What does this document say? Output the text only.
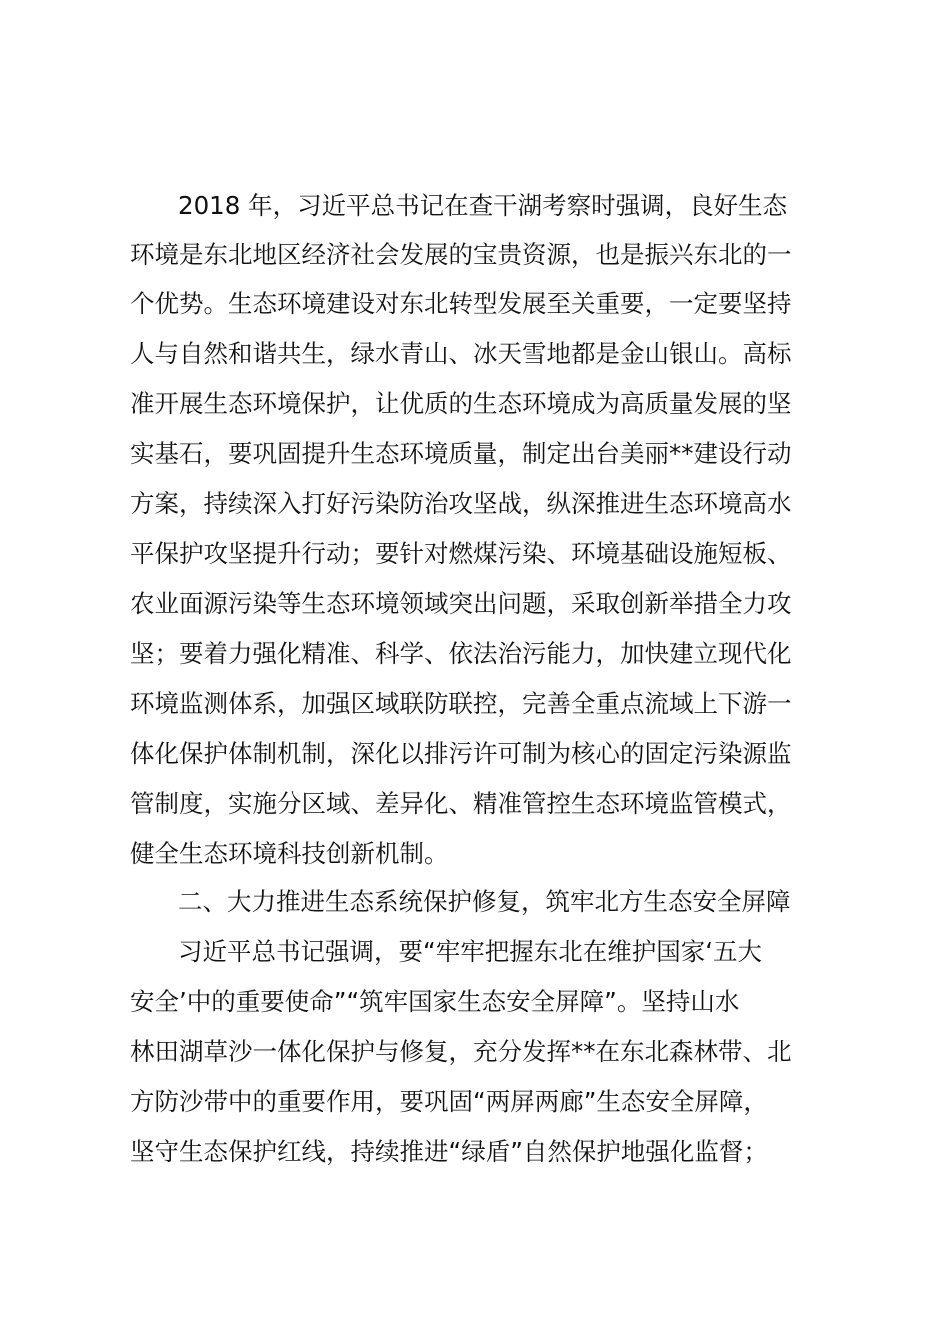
2018 年，习近平总书记在查干湖考察时强调，良好生态
环境是东北地区经济社会发展的宝贵资源，也是振兴东北的一
个优势。生态环境建设对东北转型发展至关重要，一定要坚持
人与自然和谐共生，绿水青山、冰天雪地都是金山银山。高标
准开展生态环境保护，让优质的生态环境成为高质量发展的坚
实基石，要巩固提升生态环境质量，制定出台美丽**建设行动
方案，持续深入打好污染防治攻坚战，纵深推进生态环境高水
平保护攻坚提升行动；要针对燃煤污染、环境基础设施短板、
农业面源污染等生态环境领域突出问题，采取创新举措全力攻
坚；要着力强化精准、科学、依法治污能力，加快建立现代化
环境监测体系，加强区域联防联控，完善全重点流域上下游一
体化保护体制机制，深化以排污许可制为核心的固定污染源监
管制度，实施分区域、差异化、精准管控生态环境监管模式，
健全生态环境科技创新机制。
二、大力推进生态系统保护修复，筑牢北方生态安全屏障
习近平总书记强调，要“牢牢把握东北在维护国家‘五大
安全’中的重要使命”“筑牢国家生态安全屏障”。坚持山水
林田湖草沙一体化保护与修复，充分发挥**在东北森林带、北
方防沙带中的重要作用，要巩固“两屏两廊”生态安全屏障，
坚守生态保护红线，持续推进“绿盾”自然保护地强化监督；
